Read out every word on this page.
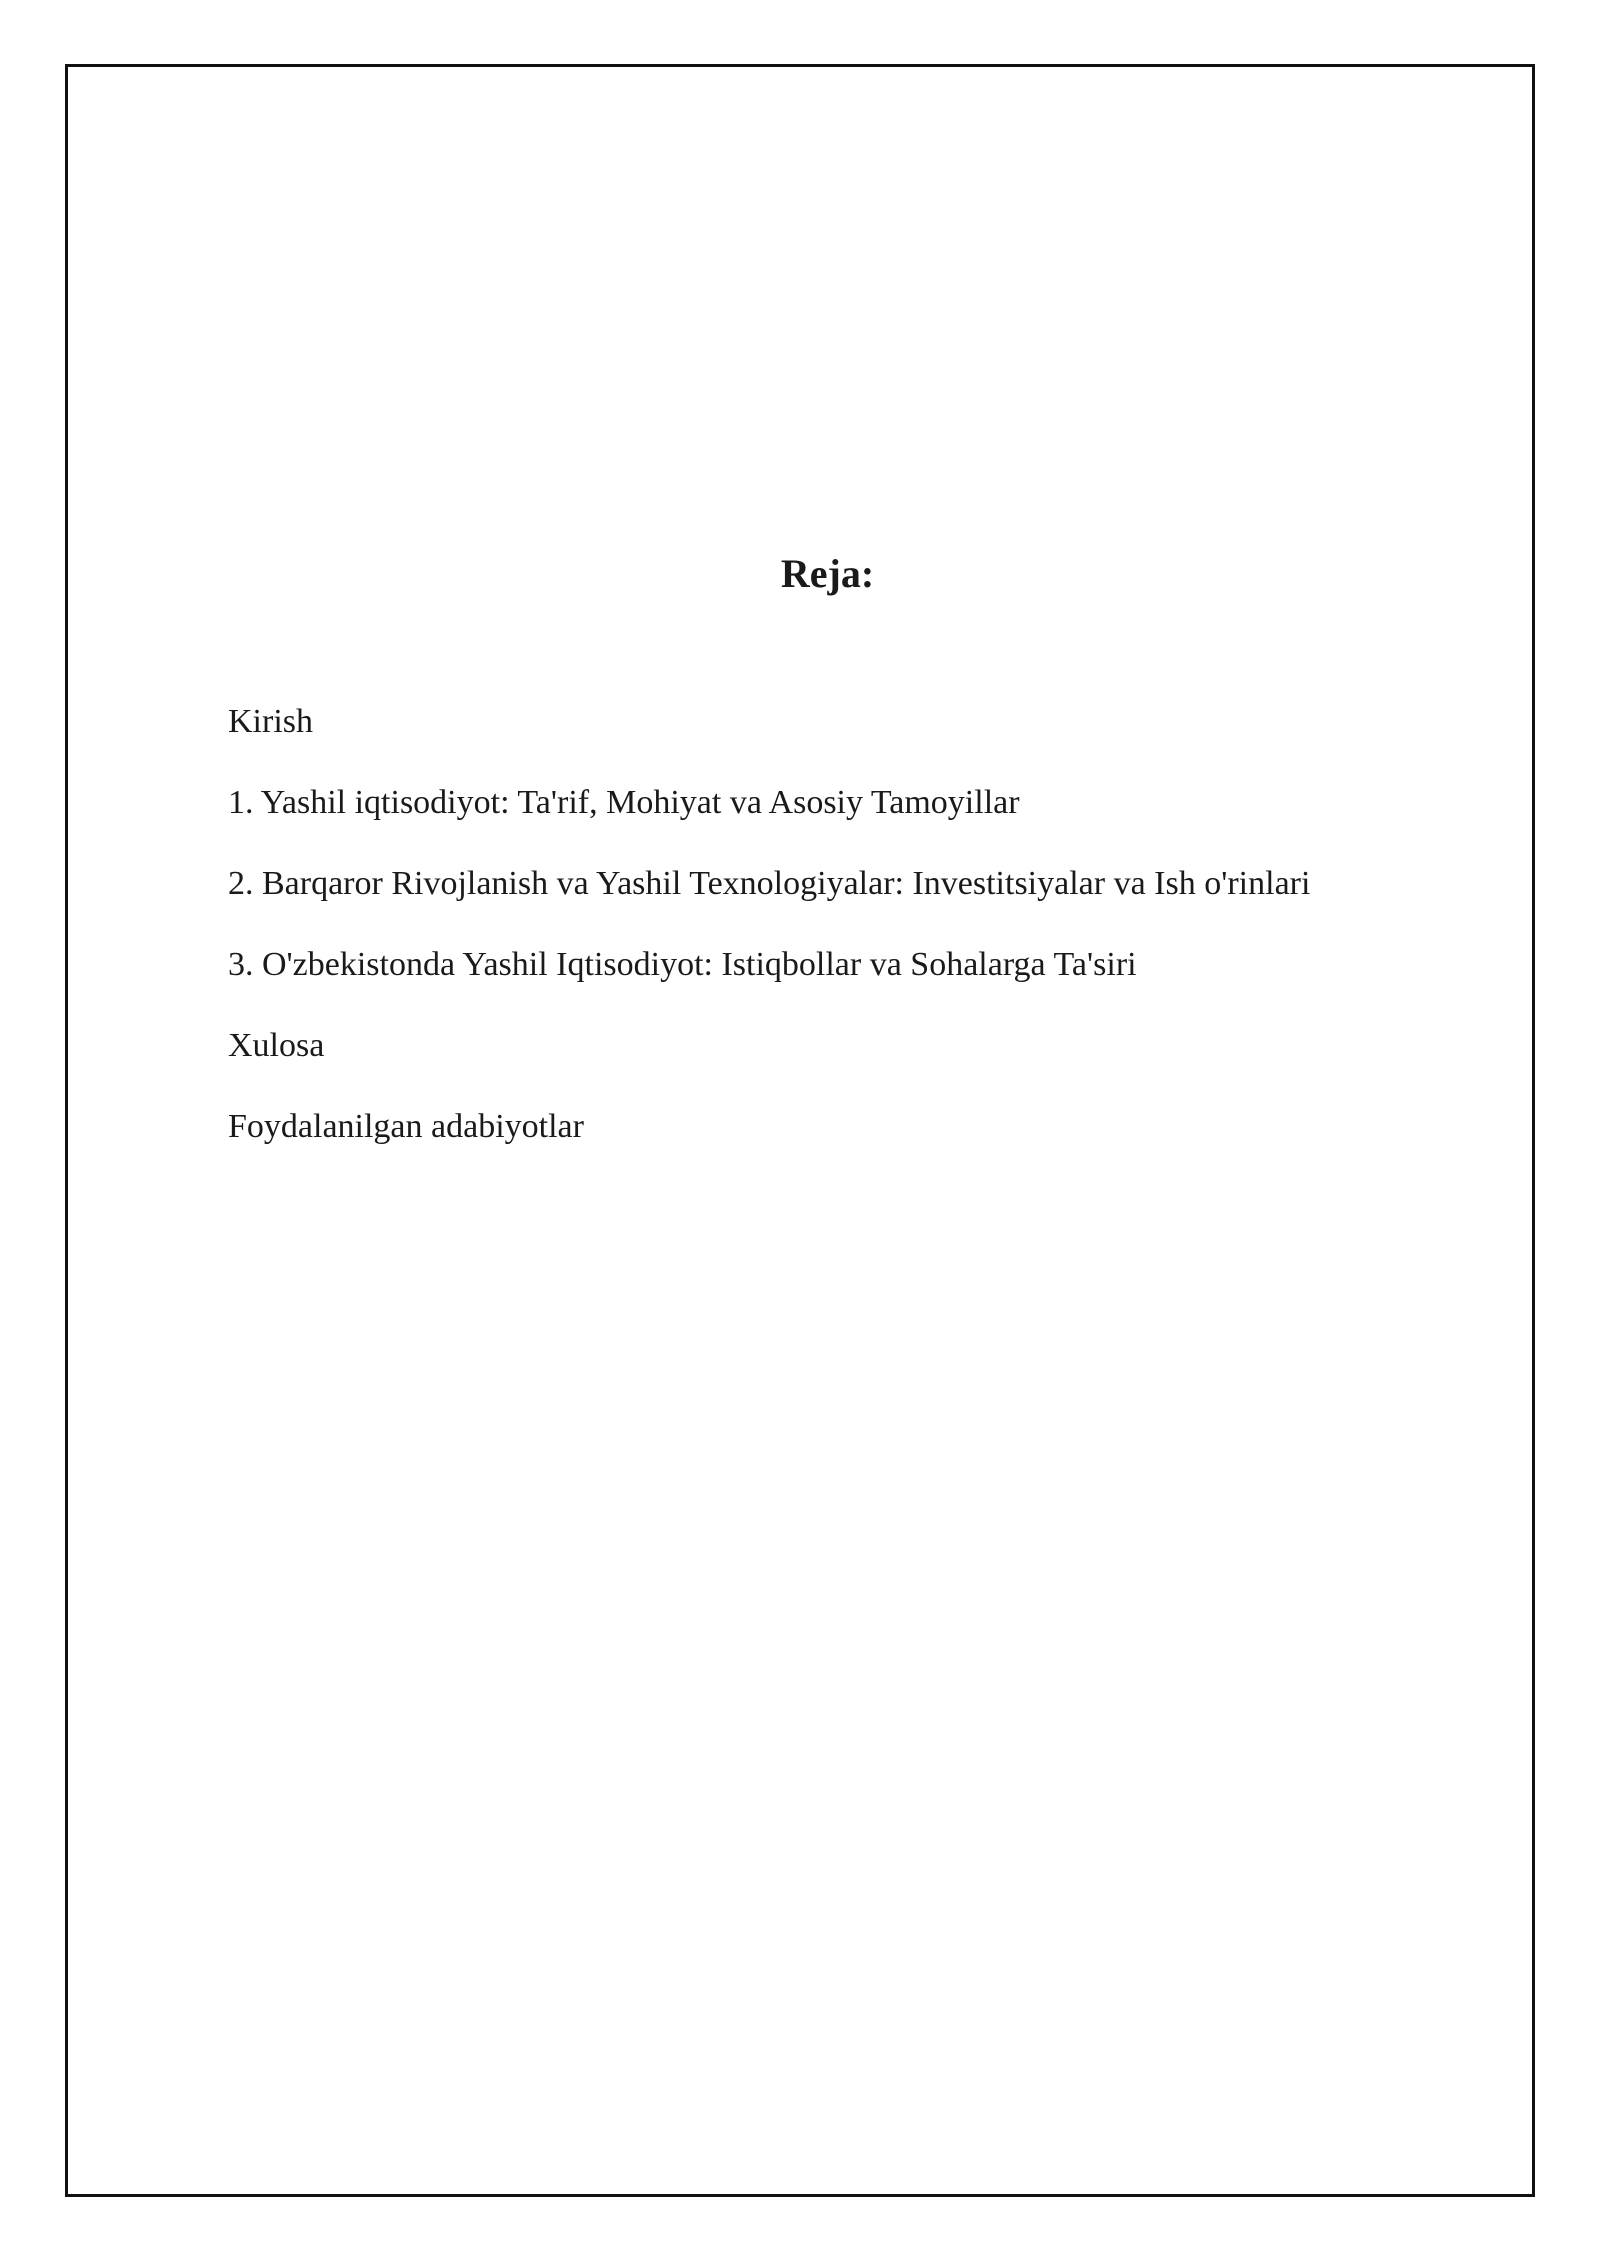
Reja:
Kirish
1. Yashil iqtisodiyot: Ta'rif, Mohiyat va Asosiy Tamoyillar
2. Barqaror Rivojlanish va Yashil Texnologiyalar: Investitsiyalar va Ish o'rinlari
3. O'zbekistonda Yashil Iqtisodiyot: Istiqbollar va Sohalarga Ta'siri
Xulosa
Foydalanilgan adabiyotlar
